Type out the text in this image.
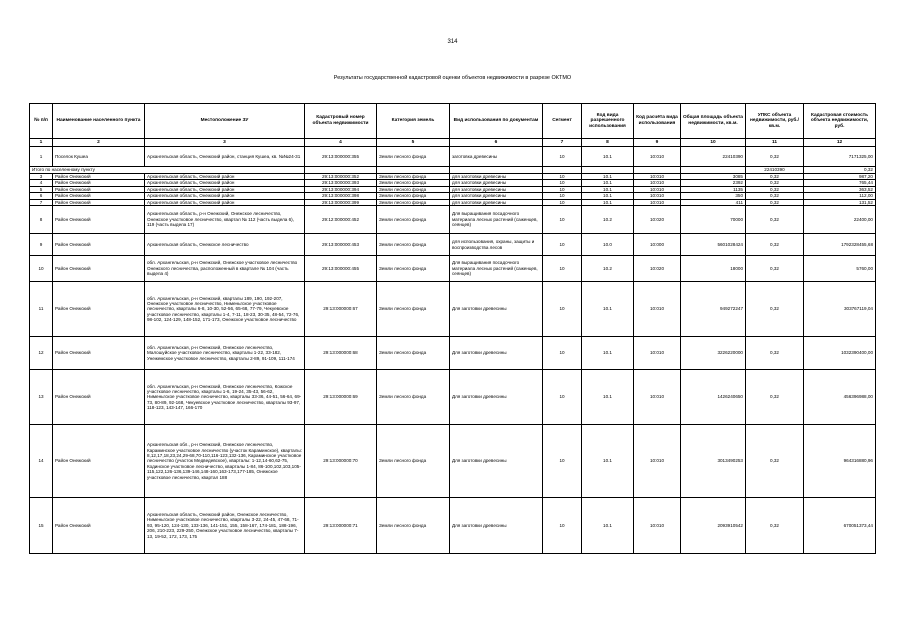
314
Результаты государственной кадастровой оценки объектов недвижимости в разрезе ОКТМО
№ п/п	Наименование населенного пункта	Местоположение ЗУ	Кадастровый номер объекта недвижимости	Категория земель	Вид использования по документам	Сегмент	Код вида разрешенного использования	Код расчёта вида использования	Общая площадь объекта недвижимости, кв.м.	УПКС объекта недвижимости, руб./кв.м.	Кадастровая стоимость объекта недвижимости, руб.	
1	2	3	4	5	6	7	8	9	10	11	12	
1	Поселок Кушеа	Архангельская область, Онежский район, станция Кушеа, кв. №№24-31	29:13:000000:355	Земли лесного фонда	заготовка древесины	10	10.1	10:010	22410390	0,32	7171325,00	
Итого по населенному пункту										22410390	0,32	
3	Район Онежский	Архангельская область, Онежский район	29:13:000000:352	Земли лесного фонда	для заготовки древесины	10	10.1	10:010	3085	0,32	987,20	
4	Район Онежский	Архангельская область, Онежский район	29:13:000000:393	Земли лесного фонда	для заготовки древесины	10	10.1	10:010	2392	0,32	765,44	
5	Район Онежский	Архангельская область, Онежский район	29:13:000000:394	Земли лесного фонда	для заготовки древесины	10	10.1	10:010	1135	0,32	363,52	
6	Район Онежский	Архангельская область, Онежский район	29:13:000000:398	Земли лесного фонда	для заготовки древесины	10	10.1	10:010	350	0,32	112,00	
7	Район Онежский	Архангельская область, Онежский район	29:13:000000:399	Земли лесного фонда	для заготовки древесины	10	10.1	10:010	411	0,32	131,52	
8	Район Онежский	Архангельская область, р-н Онежский, Онежское лесничество, Онежское участковое лесничество, квартал № 112 (часть выдела 6), 119 (часть выдела 17)	29:12:000000:452	Земли лесного фонда	Для выращивания посадочного материала лесных растений (саженцев, сеянцев)	10	10.2	10:020	70000	0,32	22400,00	
9	Район Онежский	Архангельская область, Онежское лесничество	29:13:000000:453	Земли лесного фонда	для использования, охраны, защиты и воспроизводства лесов	10	10.0	10:000	5601028424	0,32	1792328455,68	
10	Район Онежский	обл. Архангельская, р-н Онежский, Онежское участковое лесничество Онежского лесничества, расположенный в квартале № 104 (часть выдела 4)	29:13:000000:455	Земли лесного фонда	Для выращивания посадочного материала лесных растений (саженцев, сеянцев)	10	10.2	10:020	18000	0,32	5760,00	
11	Район Онежский	обл. Архангельская, р-н Онежский, кварталы 189, 190, 192-207, Онежское участковое лесничество, Нименьгское участковое лесничество, кварталы 6-8, 10-30, 52-56, 65-68, 77-79, Чекуевское участковое лесничество, кварталы 1-4, 7-11, 18-23, 30-35, 48-54, 72-76, 98-102, 124-129, 148-152, 171-173, Онежское участковое лесничество	29:13:000000:67	Земли лесного фонда	Для заготовки древесины	10	10.1	10:010	949272247	0,32	303767119,04	
12	Район Онежский	обл. Архангельская, р-н Онежский, Онежское лесничество, Малошуйское участковое лесничество, кварталы 1-22, 33-182, Унежемское участковое лесничество, кварталы 2-89, 91-109, 111-174	29:13:000000:68	Земли лесного фонда	Для заготовки древесины	10	10.1	10:010	3226220000	0,32	1032390400,00	
13	Район Онежский	обл. Архангельская, р-н Онежский, Онежское лесничество, Кожское участковое лесничество, кварталы 1-6, 19-24, 35-43, 56-62, Нименьгское участковое лесничество, кварталы 33-36, 44-51, 56-64, 69-73, 80-89, 92-168, Чекуевское участковое лесничество, кварталы 93-97, 118-123, 143-147, 166-170	29:13:000000:69	Земли лесного фонда	Для заготовки древесины	10	10.1	10:010	1426240650	0,32	456396988,00	
14	Район Онежский	Архангельская обл., р-н Онежский, Онежское лесничество, Караминское участковое лесничество (участок Караминское), кварталы: 8,12,17,18,23,24,29-68,70-110,116-123,132-136, Караминское участковое лесничество (участок Медведевское), кварталы: 1-12,14-60,62-75, Кодинское участковое лесничество, кварталы 1-84, 86-100,102,103,105-115,122,126-136,139-146,148-160,163-173,177-185, Онежское участковое лесничество, квартал 188	29:13:000000:70	Земли лесного фонда	Для заготовки древесины	10	10.1	10:010	3013490253	0,32	964316880,96	
15	Район Онежский	Архангельская область, Онежский район, Онежское лесничество, Нименьгское участковое лесничество, кварталы 3-22, 24-45, 47-68, 71-93, 95-120, 124-130, 133-136, 141-151, 155, 158-167, 174-181, 188-196, 206, 210-223, 229-250, Онежское участковое лесничество, кварталы 7-13, 19-52, 172, 173, 175	29:13:000000:71	Земли лесного фонда	Для заготовки древесины	10	10.1	10:010	2093910542	0,32	670051373,44	
